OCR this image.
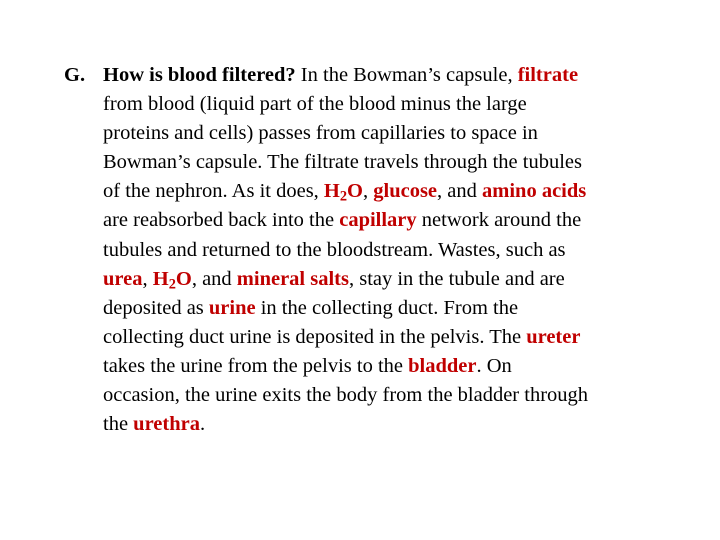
G. How is blood filtered? In the Bowman’s capsule, filtrate
from blood (liquid part of the blood minus the large
proteins and cells) passes from capillaries to space in
Bowman’s capsule. The filtrate travels through the tubules
of the nephron. As it does, $H_2O$, glucose, and amino acids
are reabsorbed back into the capillary network around the
tubules and returned to the bloodstream. Wastes, such as
urea, $H_2O$, and mineral salts, stay in the tubule and are
deposited as urine in the collecting duct. From the
collecting duct urine is deposited in the pelvis. The ureter
takes the urine from the pelvis to the bladder. On
occasion, the urine exits the body from the bladder through
the urethra.
